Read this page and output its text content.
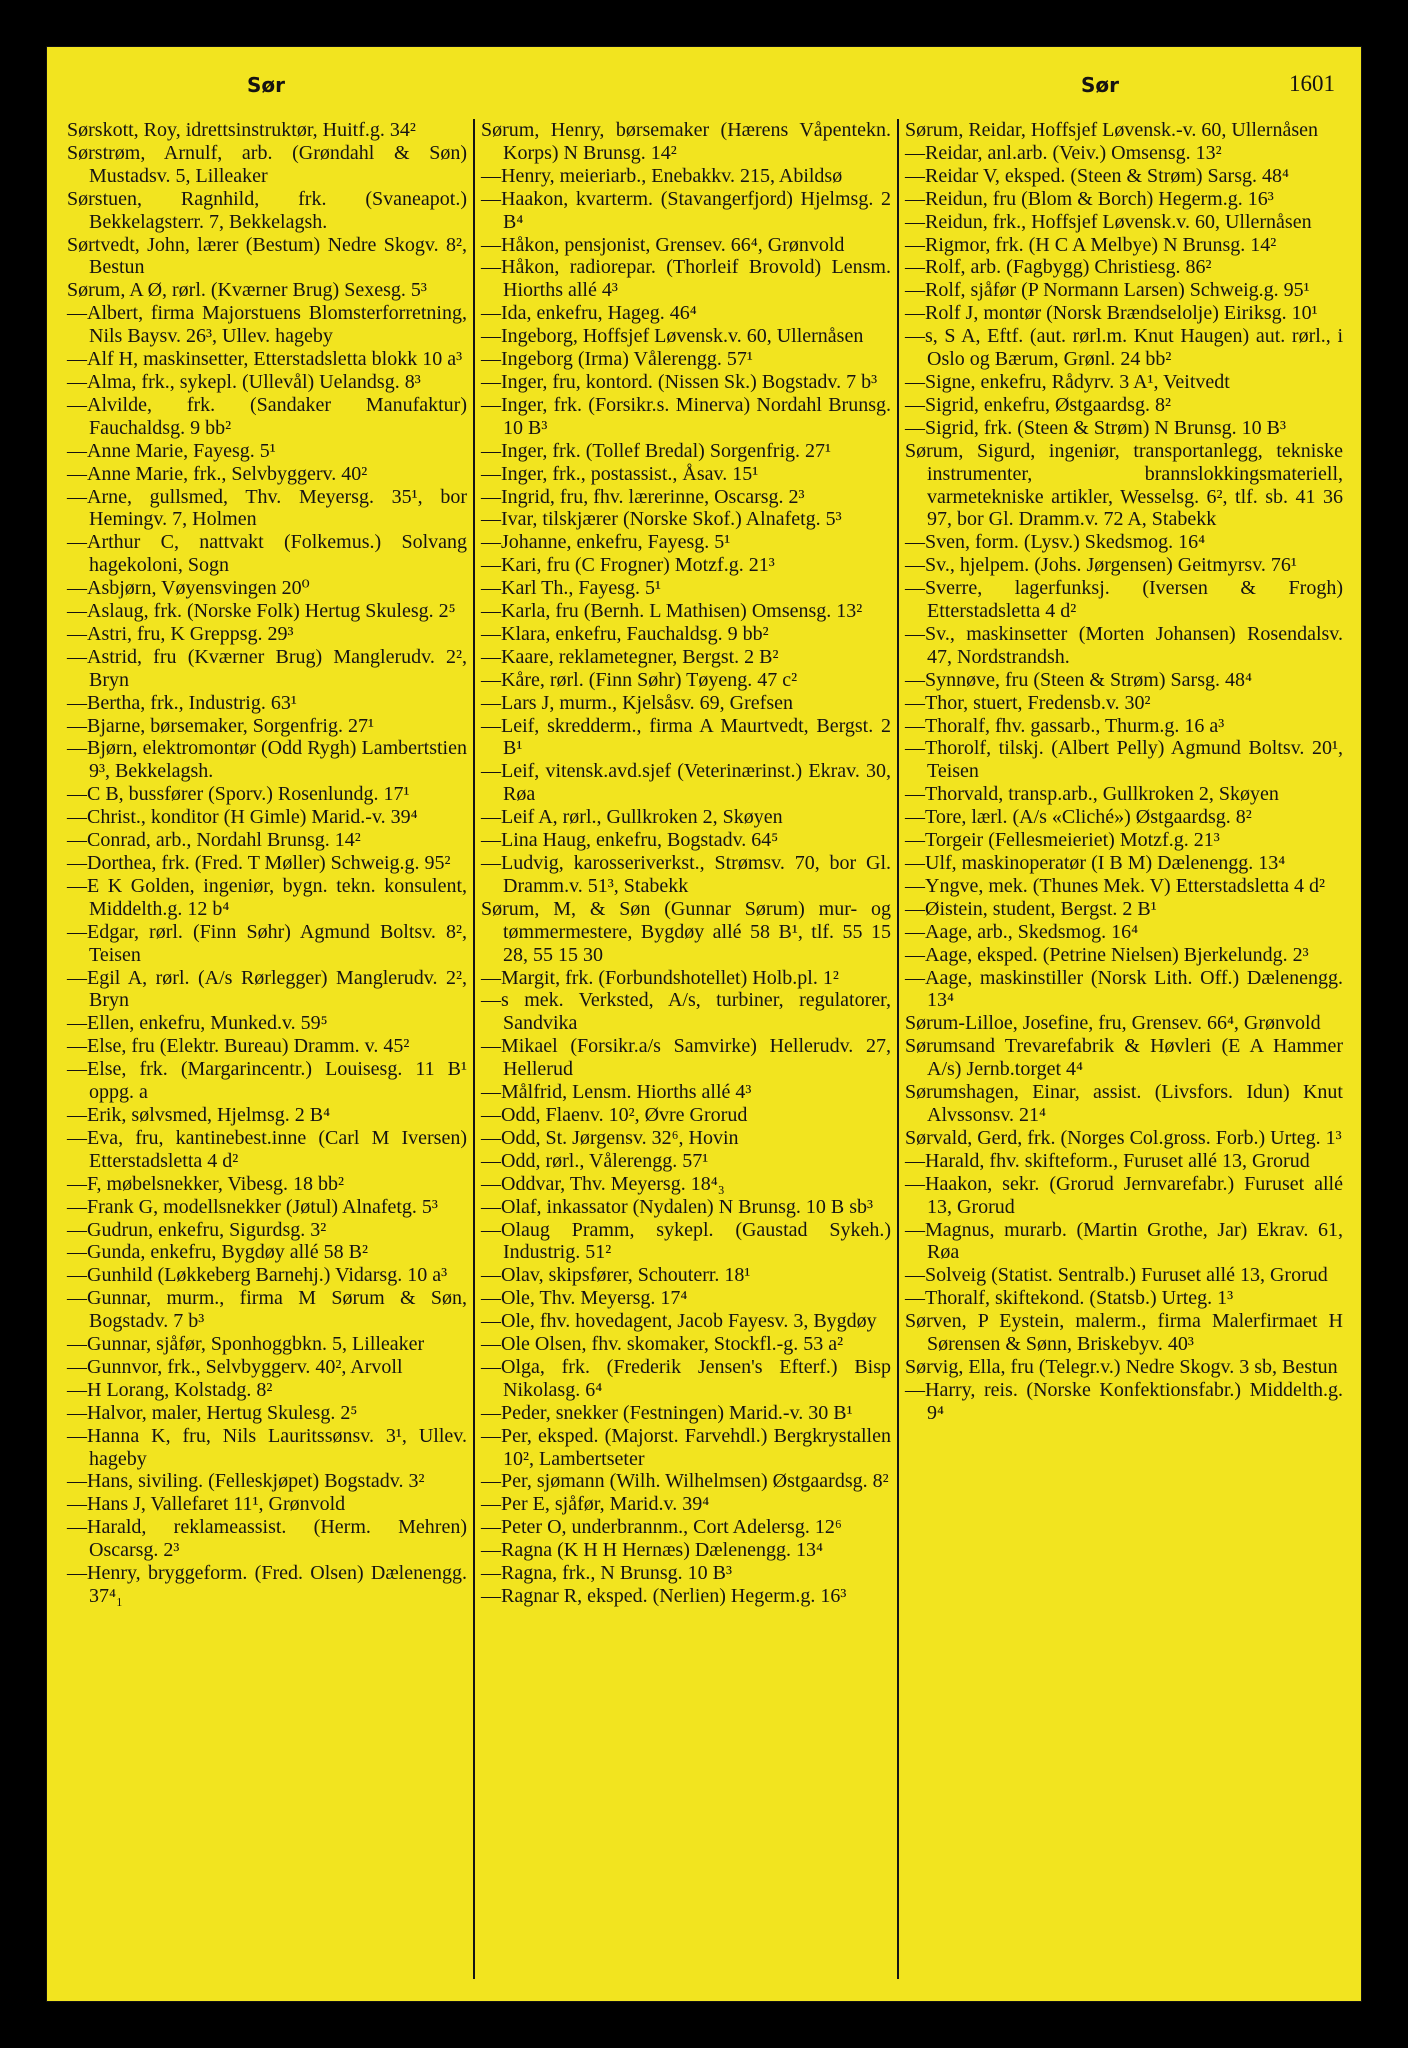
Sør	Sør	1601
Sørskott, Roy, idrettsinstruktør, Huitf.g. 34²
Sørstrøm, Arnulf, arb. (Grøndahl & Søn) Mustadsv. 5, Lilleaker
Sørstuen, Ragnhild, frk. (Svaneapot.) Bekkelagsterr. 7, Bekkelagsh.
Sørtvedt, John, lærer (Bestum) Nedre Skogv. 8², Bestun
Sørum, A Ø, rørl. (Kværner Brug) Sexesg. 5³
—Albert, firma Majorstuens Blomsterforretning, Nils Baysv. 26³, Ullev. hageby
—Alf H, maskinsetter, Etterstadsletta blokk 10 a³
—Alma, frk., sykepl. (Ullevål) Uelandsg. 8³
—Alvilde, frk. (Sandaker Manufaktur) Fauchaldsg. 9 bb²
—Anne Marie, Fayesg. 5¹
—Anne Marie, frk., Selvbyggerv. 40²
—Arne, gullsmed, Thv. Meyersg. 35¹, bor Hemingv. 7, Holmen
—Arthur C, nattvakt (Folkemus.) Solvang hagekoloni, Sogn
—Asbjørn, Vøyensvingen 20⁰
—Aslaug, frk. (Norske Folk) Hertug Skulesg. 2⁵
—Astri, fru, K Greppsg. 29³
—Astrid, fru (Kværner Brug) Manglerudv. 2², Bryn
—Bertha, frk., Industrig. 63¹
—Bjarne, børsemaker, Sorgenfrig. 27¹
—Bjørn, elektromontør (Odd Rygh) Lambertstien 9³, Bekkelagsh.
—C B, bussfører (Sporv.) Rosenlundg. 17¹
—Christ., konditor (H Gimle) Marid.-v. 39⁴
—Conrad, arb., Nordahl Brunsg. 14²
—Dorthea, frk. (Fred. T Møller) Schweig.g. 95²
—E K Golden, ingeniør, bygn. tekn. konsulent, Middelth.g. 12 b⁴
—Edgar, rørl. (Finn Søhr) Agmund Boltsv. 8², Teisen
—Egil A, rørl. (A/s Rørlegger) Manglerudv. 2², Bryn
—Ellen, enkefru, Munked.v. 59⁵
—Else, fru (Elektr. Bureau) Dramm. v. 45²
—Else, frk. (Margarincentr.) Louisesg. 11 B¹ oppg. a
—Erik, sølvsmed, Hjelmsg. 2 B⁴
—Eva, fru, kantinebest.inne (Carl M Iversen) Etterstadsletta 4 d²
—F, møbelsnekker, Vibesg. 18 bb²
—Frank G, modellsnekker (Jøtul) Alnafetg. 5³
—Gudrun, enkefru, Sigurdsg. 3²
—Gunda, enkefru, Bygdøy allé 58 B²
—Gunhild (Løkkeberg Barnehj.) Vidarsg. 10 a³
—Gunnar, murm., firma M Sørum & Søn, Bogstadv. 7 b³
—Gunnar, sjåfør, Sponhoggbkn. 5, Lilleaker
—Gunnvor, frk., Selvbyggerv. 40², Arvoll
—H Lorang, Kolstadg. 8²
—Halvor, maler, Hertug Skulesg. 2⁵
—Hanna K, fru, Nils Lauritssønsv. 3¹, Ullev. hageby
—Hans, siviling. (Felleskjøpet) Bogstadv. 3²
—Hans J, Vallefaret 11¹, Grønvold
—Harald, reklameassist. (Herm. Mehren) Oscarsg. 2³
—Henry, bryggeform. (Fred. Olsen) Dælenengg. 37⁴₁
Sørum, Henry, børsemaker (Hærens Våpentekn. Korps) N Brunsg. 14²
—Henry, meieriarb., Enebakkv. 215, Abildsø
—Haakon, kvarterm. (Stavangerfjord) Hjelmsg. 2 B⁴
—Håkon, pensjonist, Grensev. 66⁴, Grønvold
—Håkon, radiorepar. (Thorleif Brovold) Lensm. Hiorths allé 4³
—Ida, enkefru, Hageg. 46⁴
—Ingeborg, Hoffsjef Løvensk.v. 60, Ullernåsen
—Ingeborg (Irma) Vålerengg. 57¹
—Inger, fru, kontord. (Nissen Sk.) Bogstadv. 7 b³
—Inger, frk. (Forsikr.s. Minerva) Nordahl Brunsg. 10 B³
—Inger, frk. (Tollef Bredal) Sorgenfrig. 27¹
—Inger, frk., postassist., Åsav. 15¹
—Ingrid, fru, fhv. lærerinne, Oscarsg. 2³
—Ivar, tilskjærer (Norske Skof.) Alnafetg. 5³
—Johanne, enkefru, Fayesg. 5¹
—Kari, fru (C Frogner) Motzf.g. 21³
—Karl Th., Fayesg. 5¹
—Karla, fru (Bernh. L Mathisen) Omsensg. 13²
—Klara, enkefru, Fauchaldsg. 9 bb²
—Kaare, reklametegner, Bergst. 2 B²
—Kåre, rørl. (Finn Søhr) Tøyeng. 47 c²
—Lars J, murm., Kjelsåsv. 69, Grefsen
—Leif, skredderm., firma A Maurtvedt, Bergst. 2 B¹
—Leif, vitensk.avd.sjef (Veterinærinst.) Ekrav. 30, Røa
—Leif A, rørl., Gullkroken 2, Skøyen
—Lina Haug, enkefru, Bogstadv. 64⁵
—Ludvig, karosseriverkst., Strømsv. 70, bor Gl. Dramm.v. 51³, Stabekk
Sørum, M, & Søn (Gunnar Sørum) mur- og tømmermestere, Bygdøy allé 58 B¹, tlf. 55 15 28, 55 15 30
—Margit, frk. (Forbundshotellet) Holb.pl. 1²
—s mek. Verksted, A/s, turbiner, regulatorer, Sandvika
—Mikael (Forsikr.a/s Samvirke) Hellerudv. 27, Hellerud
—Målfrid, Lensm. Hiorths allé 4³
—Odd, Flaenv. 10², Øvre Grorud
—Odd, St. Jørgensv. 32⁶, Hovin
—Odd, rørl., Vålerengg. 57¹
—Oddvar, Thv. Meyersg. 18⁴₃
—Olaf, inkassator (Nydalen) N Brunsg. 10 B sb³
—Olaug Pramm, sykepl. (Gaustad Sykeh.) Industrig. 51²
—Olav, skipsfører, Schouterr. 18¹
—Ole, Thv. Meyersg. 17⁴
—Ole, fhv. hovedagent, Jacob Fayesv. 3, Bygdøy
—Ole Olsen, fhv. skomaker, Stockfl.-g. 53 a²
—Olga, frk. (Frederik Jensen's Efterf.) Bisp Nikolasg. 6⁴
—Peder, snekker (Festningen) Marid.-v. 30 B¹
—Per, eksped. (Majorst. Farvehdl.) Bergkrystallen 10², Lambertseter
—Per, sjømann (Wilh. Wilhelmsen) Østgaardsg. 8²
—Per E, sjåfør, Marid.v. 39⁴
—Peter O, underbrannm., Cort Adelersg. 12⁶
—Ragna (K H H Hernæs) Dælenengg. 13⁴
—Ragna, frk., N Brunsg. 10 B³
—Ragnar R, eksped. (Nerlien) Hegerm.g. 16³
Sørum, Reidar, Hoffsjef Løvensk.-v. 60, Ullernåsen
—Reidar, anl.arb. (Veiv.) Omsensg. 13²
—Reidar V, eksped. (Steen & Strøm) Sarsg. 48⁴
—Reidun, fru (Blom & Borch) Hegerm.g. 16³
—Reidun, frk., Hoffsjef Løvensk.v. 60, Ullernåsen
—Rigmor, frk. (H C A Melbye) N Brunsg. 14²
—Rolf, arb. (Fagbygg) Christiesg. 86²
—Rolf, sjåfør (P Normann Larsen) Schweig.g. 95¹
—Rolf J, montør (Norsk Brændselolje) Eiriksg. 10¹
—s, S A, Eftf. (aut. rørl.m. Knut Haugen) aut. rørl., i Oslo og Bærum, Grønl. 24 bb²
—Signe, enkefru, Rådyrv. 3 A¹, Veitvedt
—Sigrid, enkefru, Østgaardsg. 8²
—Sigrid, frk. (Steen & Strøm) N Brunsg. 10 B³
Sørum, Sigurd, ingeniør, transportanlegg, tekniske instrumenter, brannslokkingsmateriell, varmetekniske artikler, Wesselsg. 6², tlf. sb. 41 36 97, bor Gl. Dramm.v. 72 A, Stabekk
—Sven, form. (Lysv.) Skedsmog. 16⁴
—Sv., hjelpem. (Johs. Jørgensen) Geitmyrsv. 76¹
—Sverre, lagerfunksj. (Iversen & Frogh) Etterstadsletta 4 d²
—Sv., maskinsetter (Morten Johansen) Rosendalsv. 47, Nordstrandsh.
—Synnøve, fru (Steen & Strøm) Sarsg. 48⁴
—Thor, stuert, Fredensb.v. 30²
—Thoralf, fhv. gassarb., Thurm.g. 16 a³
—Thorolf, tilskj. (Albert Pelly) Agmund Boltsv. 20¹, Teisen
—Thorvald, transp.arb., Gullkroken 2, Skøyen
—Tore, lærl. (A/s «Cliché») Østgaardsg. 8²
—Torgeir (Fellesmeieriet) Motzf.g. 21³
—Ulf, maskinoperatør (I B M) Dælenengg. 13⁴
—Yngve, mek. (Thunes Mek. V) Etterstadsletta 4 d²
—Øistein, student, Bergst. 2 B¹
—Aage, arb., Skedsmog. 16⁴
—Aage, eksped. (Petrine Nielsen) Bjerkelundg. 2³
—Aage, maskinstiller (Norsk Lith. Off.) Dælenengg. 13⁴
Sørum-Lilloe, Josefine, fru, Grensev. 66⁴, Grønvold
Sørumsand Trevarefabrik & Høvleri (E A Hammer A/s) Jernb.torget 4⁴
Sørumshagen, Einar, assist. (Livsfors. Idun) Knut Alvssonsv. 21⁴
Sørvald, Gerd, frk. (Norges Col.gross. Forb.) Urteg. 1³
—Harald, fhv. skifteform., Furuset allé 13, Grorud
—Haakon, sekr. (Grorud Jernvarefabr.) Furuset allé 13, Grorud
—Magnus, murarb. (Martin Grothe, Jar) Ekrav. 61, Røa
—Solveig (Statist. Sentralb.) Furuset allé 13, Grorud
—Thoralf, skiftekond. (Statsb.) Urteg. 1³
Sørven, P Eystein, malerm., firma Malerfirmaet H Sørensen & Sønn, Briskebyv. 40³
Sørvig, Ella, fru (Telegr.v.) Nedre Skogv. 3 sb, Bestun
—Harry, reis. (Norske Konfektionsfabr.) Middelth.g. 9⁴
